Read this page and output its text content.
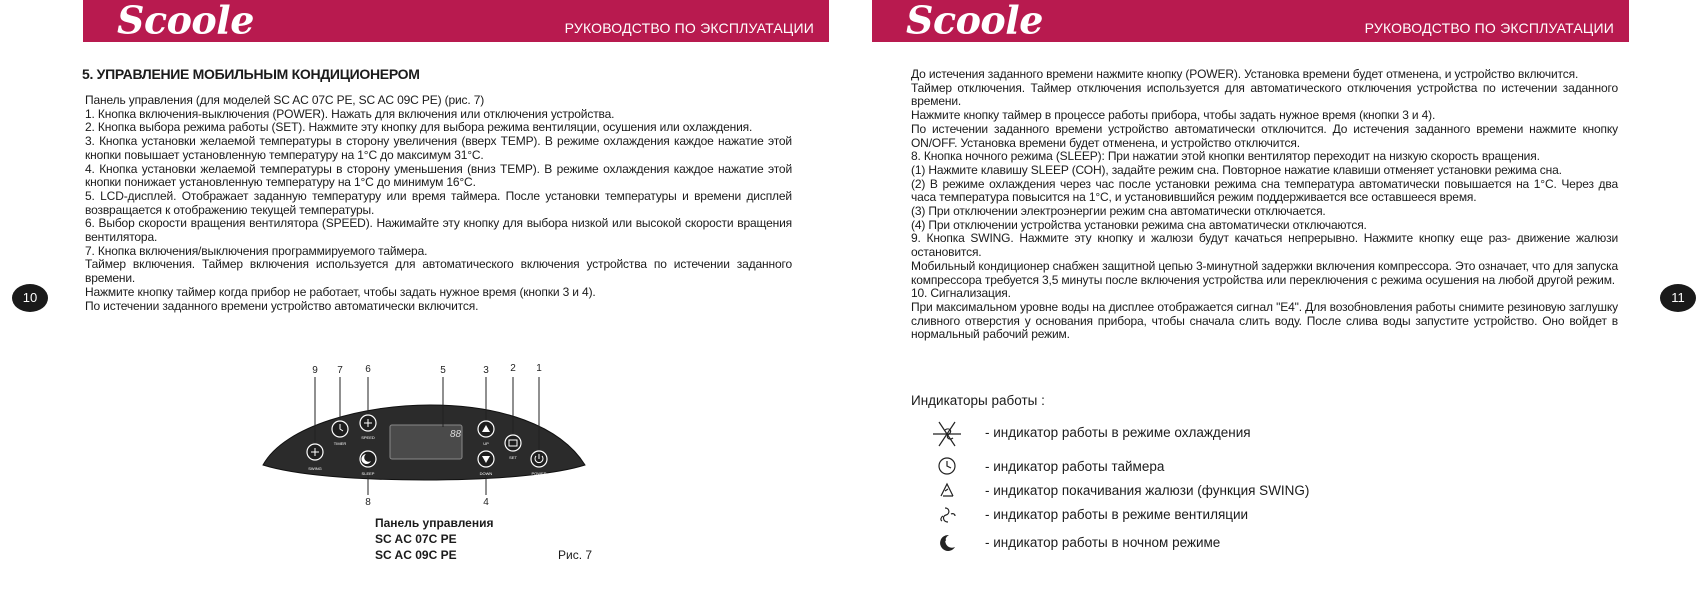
Scoole	РУКОВОДСТВО ПО ЭКСПЛУАТАЦИИ
10
5. УПРАВЛЕНИЕ МОБИЛЬНЫМ КОНДИЦИОНЕРОМ

Панель управления (для моделей SC AC 07C PE, SC AC 09C PE) (рис. 7)

1. Кнопка включения-выключения (POWER). Нажать для включения или отключения устройства.

2. Кнопка выбора режима работы (SET). Нажмите эту кнопку для выбора режима вентиляции, осушения или охлаждения.

3. Кнопка установки желаемой температуры в сторону увеличения (вверх TEMP). В режиме охлаждения каждое нажатие этой кнопки повышает установленную температуру на 1°C до максимум 31°C.

4. Кнопка установки желаемой температуры в сторону уменьшения (вниз TEMP). В режиме охлаждения каждое нажатие этой кнопки понижает установленную температуру на 1°C до минимум 16°C.

5. LCD-дисплей. Отображает заданную температуру или время таймера. После установки температуры и времени дисплей возвращается к отображению текущей температуры.

6. Выбор скорости вращения вентилятора (SPEED). Нажимайте эту кнопку для выбора низкой или высокой скорости вращения вентилятора.

7. Кнопка включения/выключения программируемого таймера.

Таймер включения. Таймер включения используется для автоматического включения устройства по истечении заданного времени.

Нажмите кнопку таймер когда прибор не работает, чтобы задать нужное время (кнопки 3 и 4).

По истечении заданного времени устройство автоматически включится.

88
SWING
TIMER
SPEED
UP
SET
POWER
SLEEP	DOWN
9 7 6	5	3 2 1
8	4
Панель управления
SC AC 07C PE
SC AC 09C PE	Рис. 7
Scoole	РУКОВОДСТВО ПО ЭКСПЛУАТАЦИИ
11

До истечения заданного времени нажмите кнопку (POWER). Установка времени будет отменена, и устройство включится.

Таймер отключения. Таймер отключения используется для автоматического отключения устройства по истечении заданного времени.

Нажмите кнопку таймер в процессе работы прибора, чтобы задать нужное время (кнопки 3 и 4).

По истечении заданного времени устройство автоматически отключится. До истечения заданного времени нажмите кнопку ON/OFF. Установка времени будет отменена, и устройство отключится.

8. Кнопка ночного режима (SLEEP): При нажатии этой кнопки вентилятор переходит на низкую скорость вращения.

(1) Нажмите клавишу SLEEP (СОН), задайте режим сна. Повторное нажатие клавиши отменяет установки режима сна.

(2) В режиме охлаждения через час после установки режима сна температура автоматически повышается на 1°C. Через два часа температура повысится на 1°C, и установившийся режим поддерживается все оставшееся время.

(3) При отключении электроэнергии режим сна автоматически отключается.

(4) При отключении устройства установки режима сна автоматически отключаются.

9. Кнопка SWING. Нажмите эту кнопку и жалюзи будут качаться непрерывно. Нажмите кнопку еще раз- движение жалюзи остановится.

Мобильный кондиционер снабжен защитной цепью 3-минутной задержки включения компрессора. Это означает, что для запуска компрессора требуется 3,5 минуты после включения устройства или переключения с режима осушения на любой другой режим.

10. Сигнализация.

При максимальном уровне воды на дисплее отображается сигнал "E4". Для возобновления работы снимите резиновую заглушку сливного отверстия у основания прибора, чтобы сначала слить воду. После слива воды запустите устройство. Оно войдет в нормальный рабочий режим.

Индикаторы работы :
- индикатор работы в режиме охлаждения
- индикатор работы таймера
- индикатор покачивания жалюзи (функция SWING)
- индикатор работы в режиме вентиляции
- индикатор работы в ночном режиме
